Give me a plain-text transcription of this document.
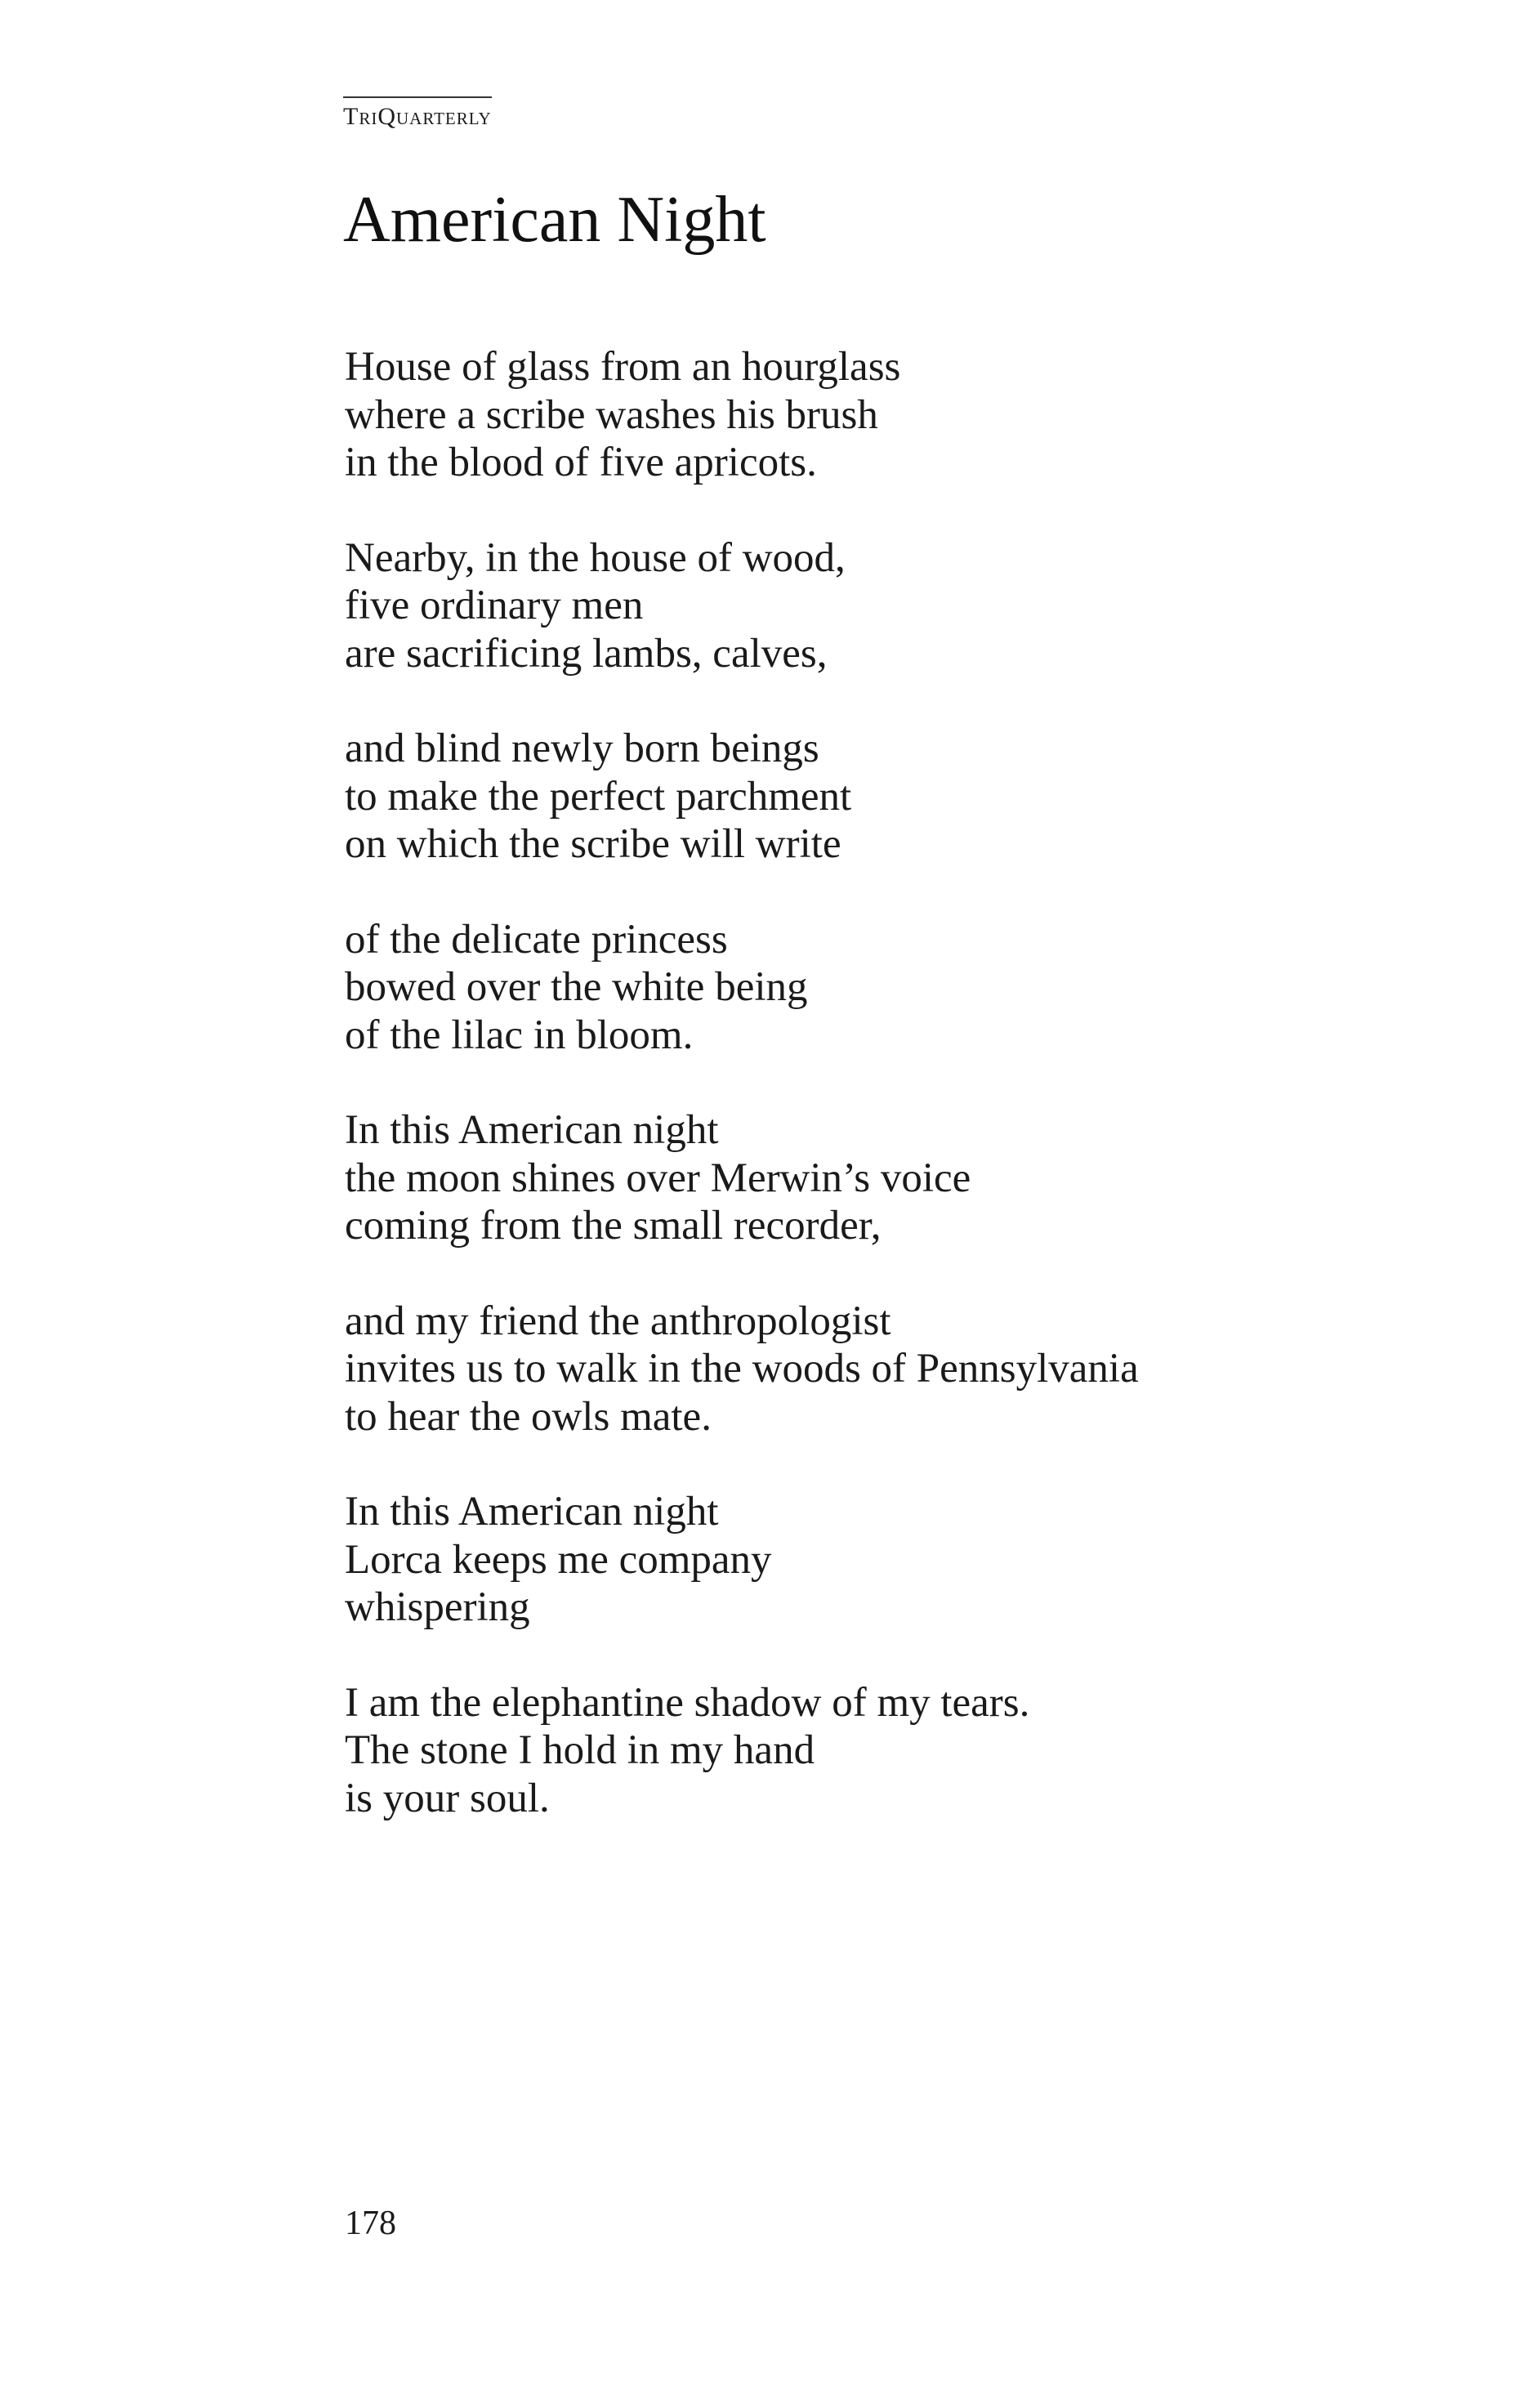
TriQuarterly
American Night
House of glass from an hourglass
where a scribe washes his brush
in the blood of five apricots.
Nearby, in the house of wood,
five ordinary men
are sacrificing lambs, calves,
and blind newly born beings
to make the perfect parchment
on which the scribe will write
of the delicate princess
bowed over the white being
of the lilac in bloom.
In this American night
the moon shines over Merwin’s voice
coming from the small recorder,
and my friend the anthropologist
invites us to walk in the woods of Pennsylvania
to hear the owls mate.
In this American night
Lorca keeps me company
whispering
I am the elephantine shadow of my tears.
The stone I hold in my hand
is your soul.
178
